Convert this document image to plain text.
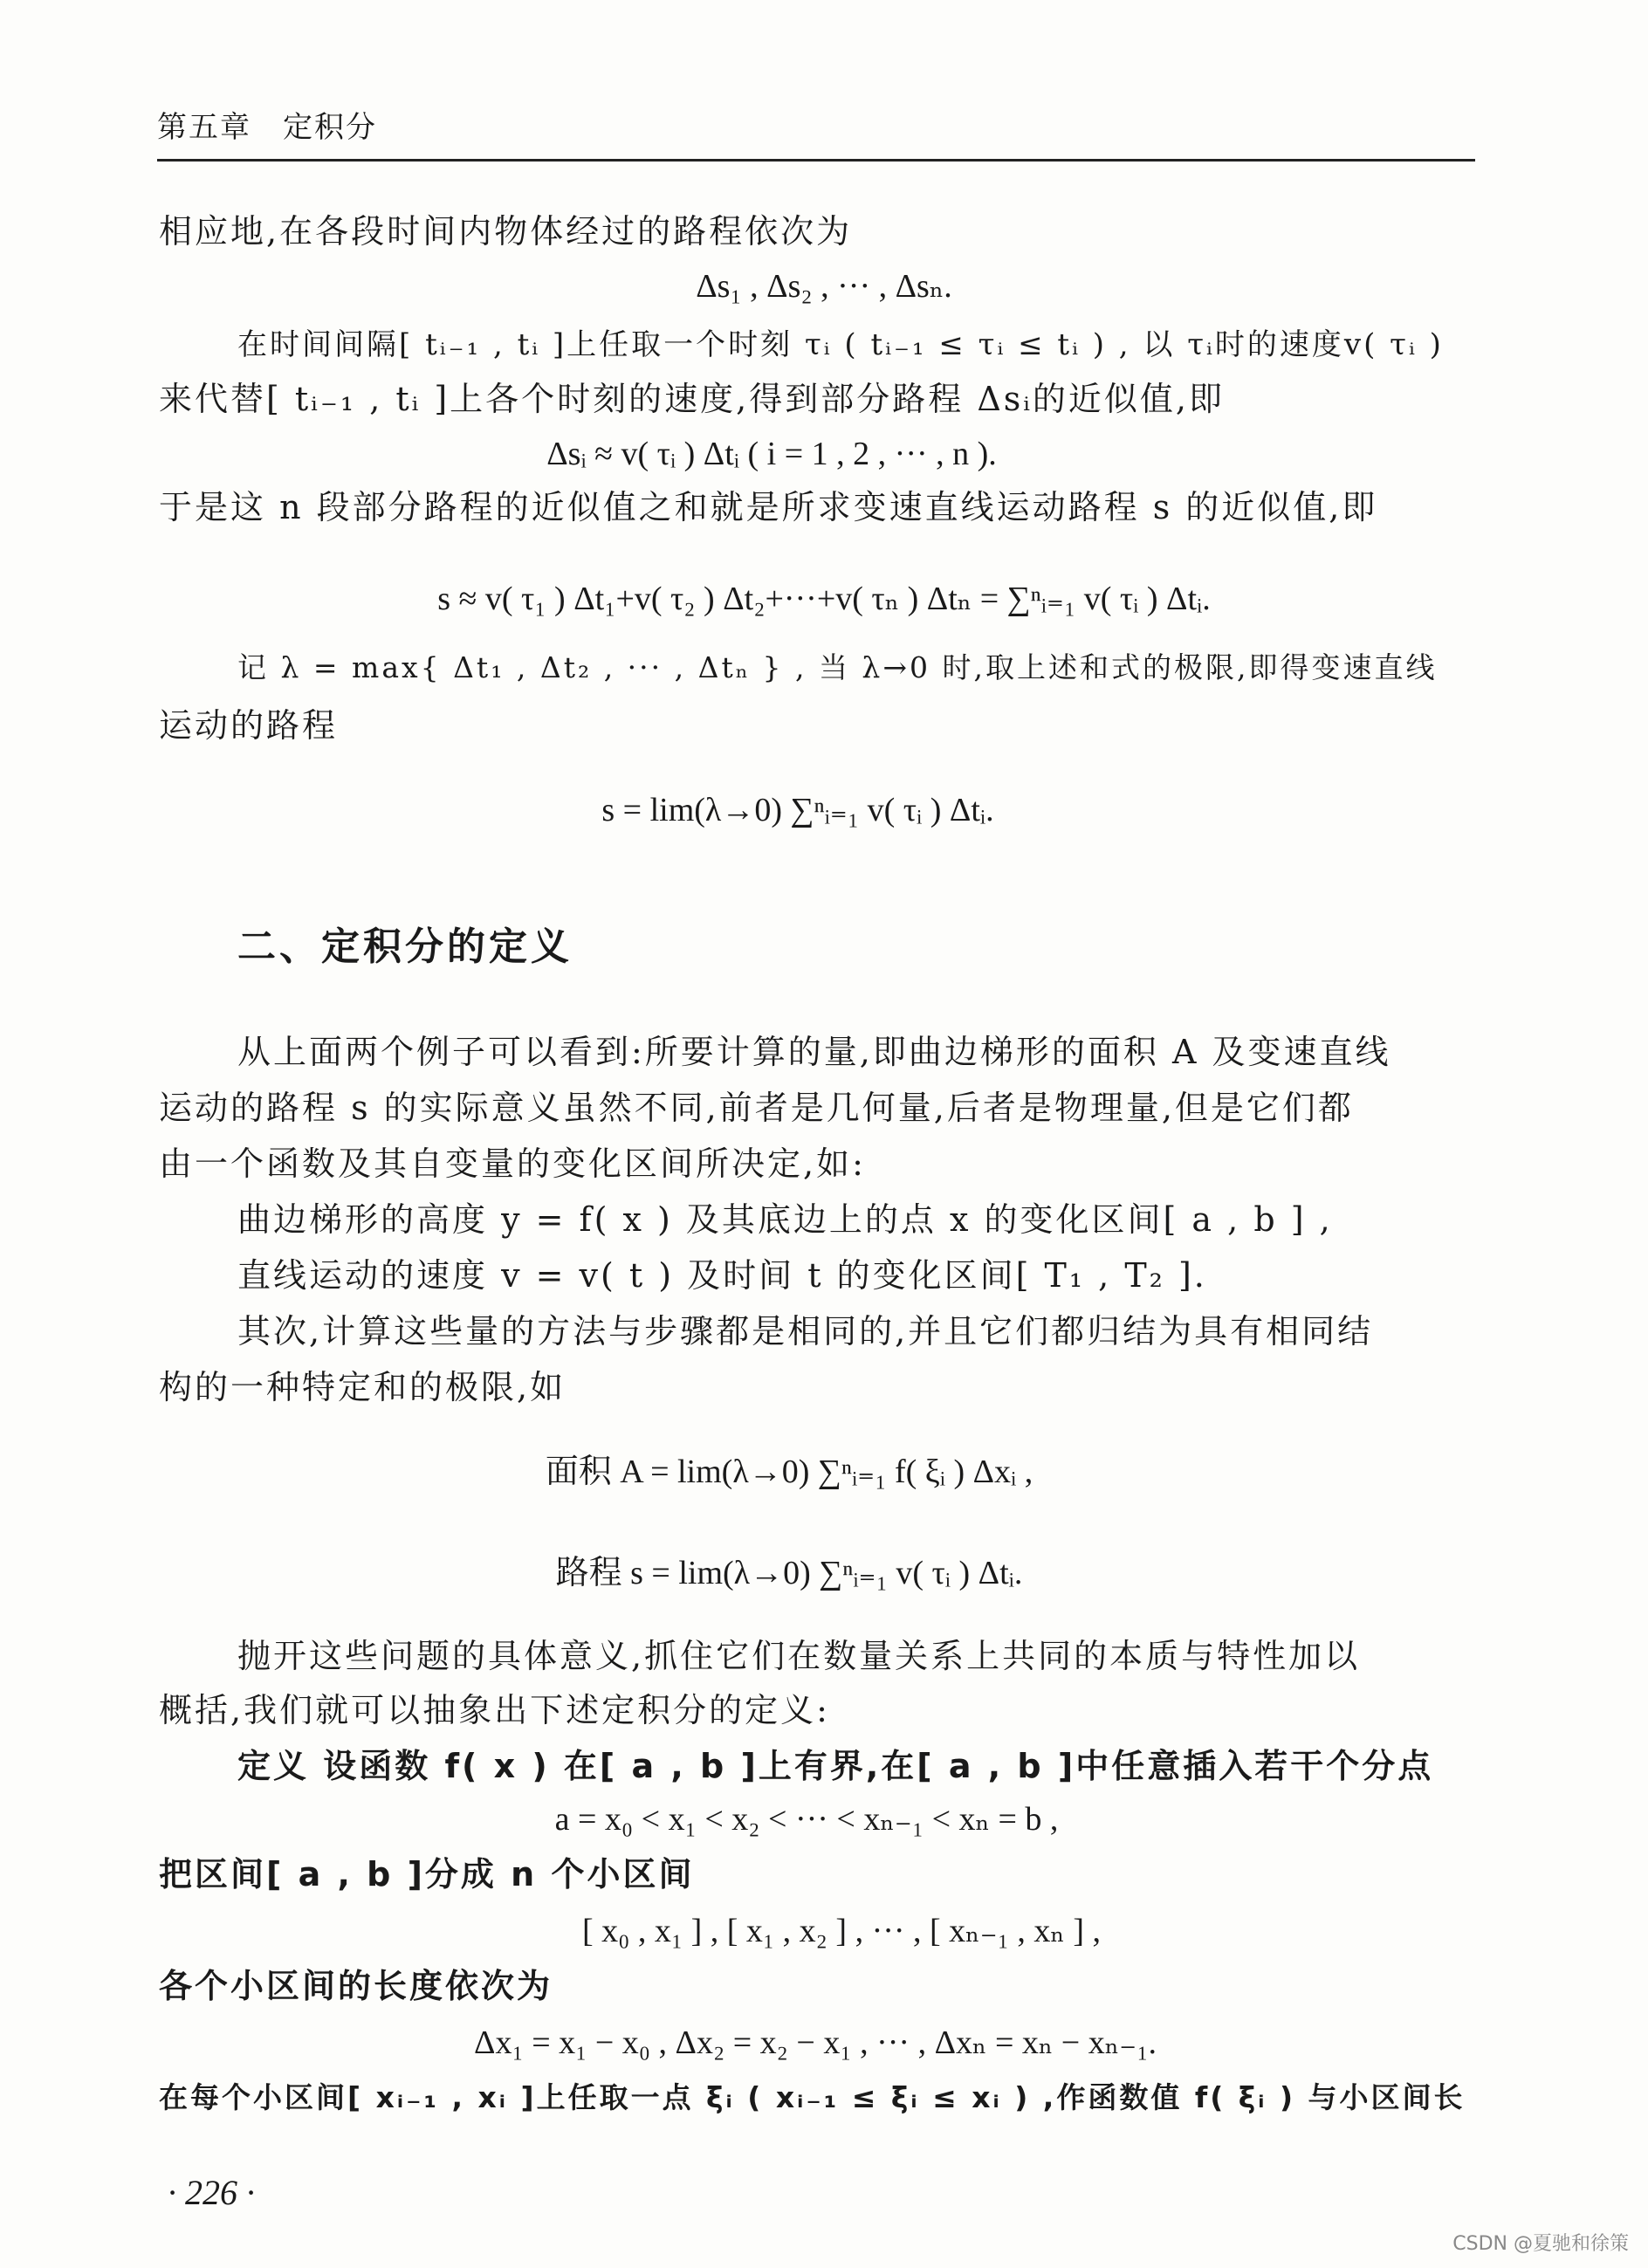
第五章 定积分
相应地,在各段时间内物体经过的路程依次为
Δs₁ , Δs₂ , ··· , Δsₙ.
在时间间隔[ tᵢ₋₁ , tᵢ ]上任取一个时刻 τᵢ ( tᵢ₋₁ ≤ τᵢ ≤ tᵢ ) , 以 τᵢ时的速度v( τᵢ )
来代替[ tᵢ₋₁ , tᵢ ]上各个时刻的速度,得到部分路程 Δsᵢ的近似值,即
Δsᵢ ≈ v( τᵢ ) Δtᵢ ( i = 1 , 2 , ··· , n ).
于是这 n 段部分路程的近似值之和就是所求变速直线运动路程 s 的近似值,即
s ≈ v( τ₁ ) Δt₁+v( τ₂ ) Δt₂+···+v( τₙ ) Δtₙ = ∑ⁿᵢ₌₁ v( τᵢ ) Δtᵢ.
记 λ = max{ Δt₁ , Δt₂ , ··· , Δtₙ } , 当 λ→0 时,取上述和式的极限,即得变速直线
运动的路程
s = lim(λ→0) ∑ⁿᵢ₌₁ v( τᵢ ) Δtᵢ.
二、定积分的定义
从上面两个例子可以看到:所要计算的量,即曲边梯形的面积 A 及变速直线
运动的路程 s 的实际意义虽然不同,前者是几何量,后者是物理量,但是它们都
由一个函数及其自变量的变化区间所决定,如:
曲边梯形的高度 y = f( x ) 及其底边上的点 x 的变化区间[ a , b ] ,
直线运动的速度 v = v( t ) 及时间 t 的变化区间[ T₁ , T₂ ].
其次,计算这些量的方法与步骤都是相同的,并且它们都归结为具有相同结
构的一种特定和的极限,如
面积 A = lim(λ→0) ∑ⁿᵢ₌₁ f( ξᵢ ) Δxᵢ ,
路程 s = lim(λ→0) ∑ⁿᵢ₌₁ v( τᵢ ) Δtᵢ.
抛开这些问题的具体意义,抓住它们在数量关系上共同的本质与特性加以
概括,我们就可以抽象出下述定积分的定义:
定义 设函数 f( x ) 在[ a , b ]上有界,在[ a , b ]中任意插入若干个分点
a = x₀ < x₁ < x₂ < ··· < xₙ₋₁ < xₙ = b ,
把区间[ a , b ]分成 n 个小区间
[ x₀ , x₁ ] , [ x₁ , x₂ ] , ··· , [ xₙ₋₁ , xₙ ] ,
各个小区间的长度依次为
Δx₁ = x₁ − x₀ , Δx₂ = x₂ − x₁ , ··· , Δxₙ = xₙ − xₙ₋₁.
在每个小区间[ xᵢ₋₁ , xᵢ ]上任取一点 ξᵢ ( xᵢ₋₁ ≤ ξᵢ ≤ xᵢ ) ,作函数值 f( ξᵢ ) 与小区间长
· 226 ·
CSDN @夏驰和徐策
